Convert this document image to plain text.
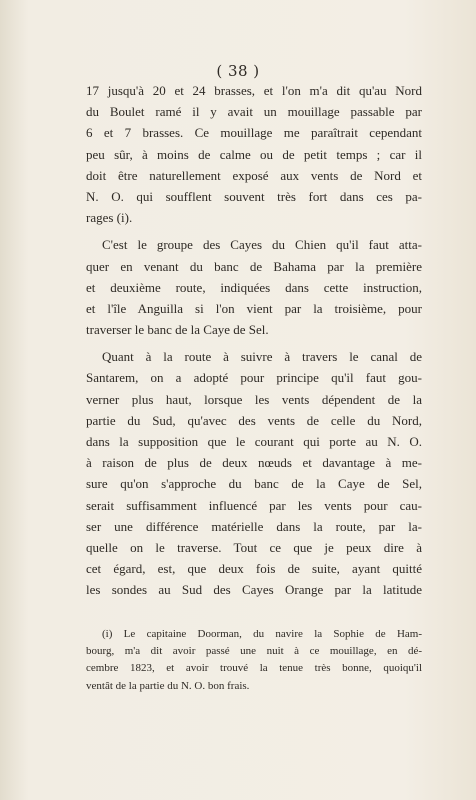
( 38 )
17 jusqu'à 20 et 24 brasses, et l'on m'a dit qu'au Nord
du Boulet ramé il y avait un mouillage passable par
6 et 7 brasses. Ce mouillage me paraîtrait cependant
peu sûr, à moins de calme ou de petit temps ; car il
doit être naturellement exposé aux vents de Nord et
N. O. qui soufflent souvent très fort dans ces pa-
rages (i).
C'est le groupe des Cayes du Chien qu'il faut atta-
quer en venant du banc de Bahama par la première
et deuxième route, indiquées dans cette instruction,
et l'île Anguilla si l'on vient par la troisième, pour
traverser le banc de la Caye de Sel.
Quant à la route à suivre à travers le canal de
Santarem, on a adopté pour principe qu'il faut gou-
verner plus haut, lorsque les vents dépendent de la
partie du Sud, qu'avec des vents de celle du Nord,
dans la supposition que le courant qui porte au N. O.
à raison de plus de deux nœuds et davantage à me-
sure qu'on s'approche du banc de la Caye de Sel,
serait suffisamment influencé par les vents pour cau-
ser une différence matérielle dans la route, par la-
quelle on le traverse. Tout ce que je peux dire à
cet égard, est, que deux fois de suite, ayant quitté
les sondes au Sud des Cayes Orange par la latitude
(i) Le capitaine Doorman, du navire la Sophie de Ham-
bourg, m'a dit avoir passé une nuit à ce mouillage, en dé-
cembre 1823, et avoir trouvé la tenue très bonne, quoiqu'il
ventât de la partie du N. O. bon frais.
